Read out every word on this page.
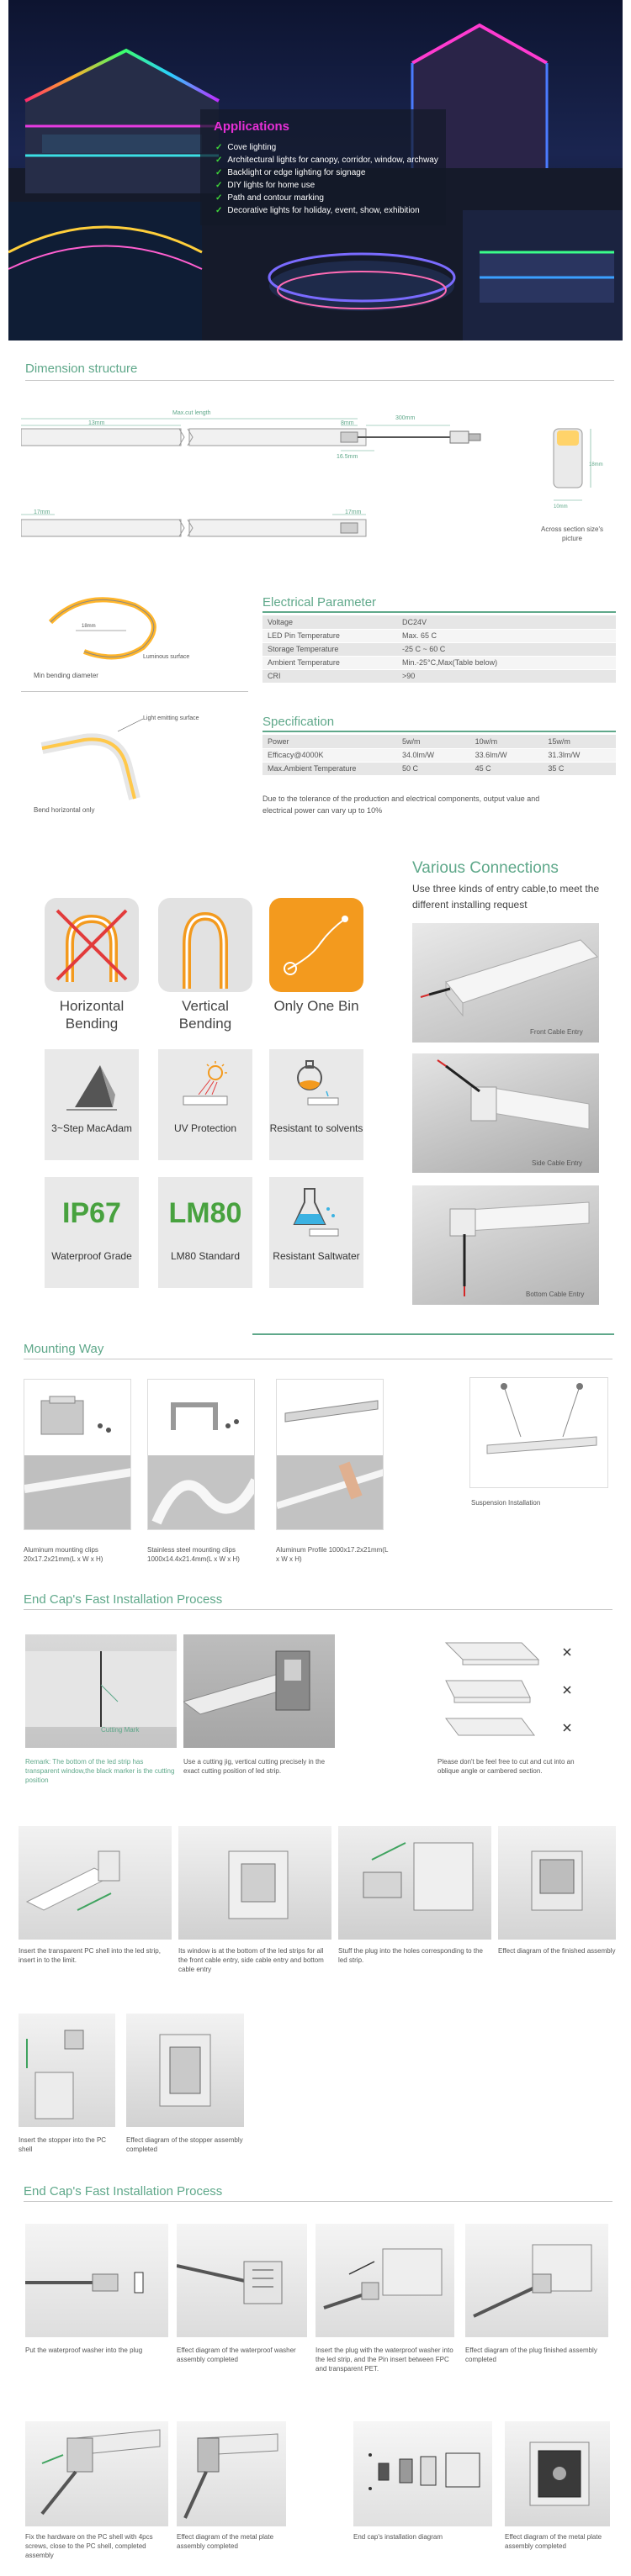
Applications
✓ Cove lighting
✓ Architectural lights for canopy, corridor, window, archway
✓ Backlight or edge lighting for signage
✓ DIY lights for home use
✓ Path and contour marking
✓ Decorative lights for holiday, event, show, exhibition
Dimension structure
Max.cut length
13mm	8mm
300mm
16.5mm
17mm	17mm
10mm
18mm
Across section size's picture
18mm
Min bending diameter
Luminous surface
Light emitting surface
Bend horizontal only
Electrical Parameter
Voltage	DC24V
LED Pin Temperature	Max. 65 C
Storage Temperature	-25 C ~ 60 C
Ambient Temperature	Min.-25°C,Max(Table below)
CRI	>90
Specification
Power	5w/m	10w/m	15w/m
Efficacy@4000K	34.0lm/W	33.6lm/W	31.3lm/W
Max.Ambient Temperature	50 C	45 C	35 C
Due to the tolerance of the production and electrical components, output value and electrical power can vary up to 10%
Horizontal Bending
Vertical Bending
Only One Bin
3~Step MacAdam	UV Protection	Resistant to solvents
IP67
Waterproof Grade
LM80
LM80 Standard	Resistant Saltwater
Various Connections
Use three kinds of entry cable,to meet the different installing request
Front Cable Entry
Side Cable Entry
Bottom Cable Entry
Mounting Way
Aluminum mounting clips 20x17.2x21mm(L x W x H)
Stainless steel mounting clips 1000x14.4x21.4mm(L x W x H)
Aluminum Profile 1000x17.2x21mm(L x W x H)
Suspension Installation
End Cap's Fast Installation Process
Cutting Mark
Remark: The bottom of the led strip has transparent window,the black marker is the cutting position
Use a cutting jig, vertical cutting precisely in the exact cutting position of led strip.
Please don't be feel free to cut and cut into an oblique angle or cambered section.
Insert the transparent PC shell into the led strip, insert in to the limit.
Its window is at the bottom of the led strips for all the front cable entry, side cable entry and bottom cable entry
Stuff the plug into the holes corresponding to the led strip.
Effect diagram of the finished assembly
Insert the stopper into the PC shell
Effect diagram of the stopper assembly completed
End Cap's Fast Installation Process
Put the waterproof washer into the plug	Effect diagram of the waterproof washer assembly completed
Insert the plug with the waterproof washer into the led strip, and the Pin insert between FPC and transparent PET.
Effect diagram of the plug finished assembly completed
Fix the hardware on the PC shell with 4pcs screws, close to the PC shell, completed assembly
Effect diagram of the metal plate assembly completed
End cap's installation diagram	Effect diagram of the metal plate assembly completed
